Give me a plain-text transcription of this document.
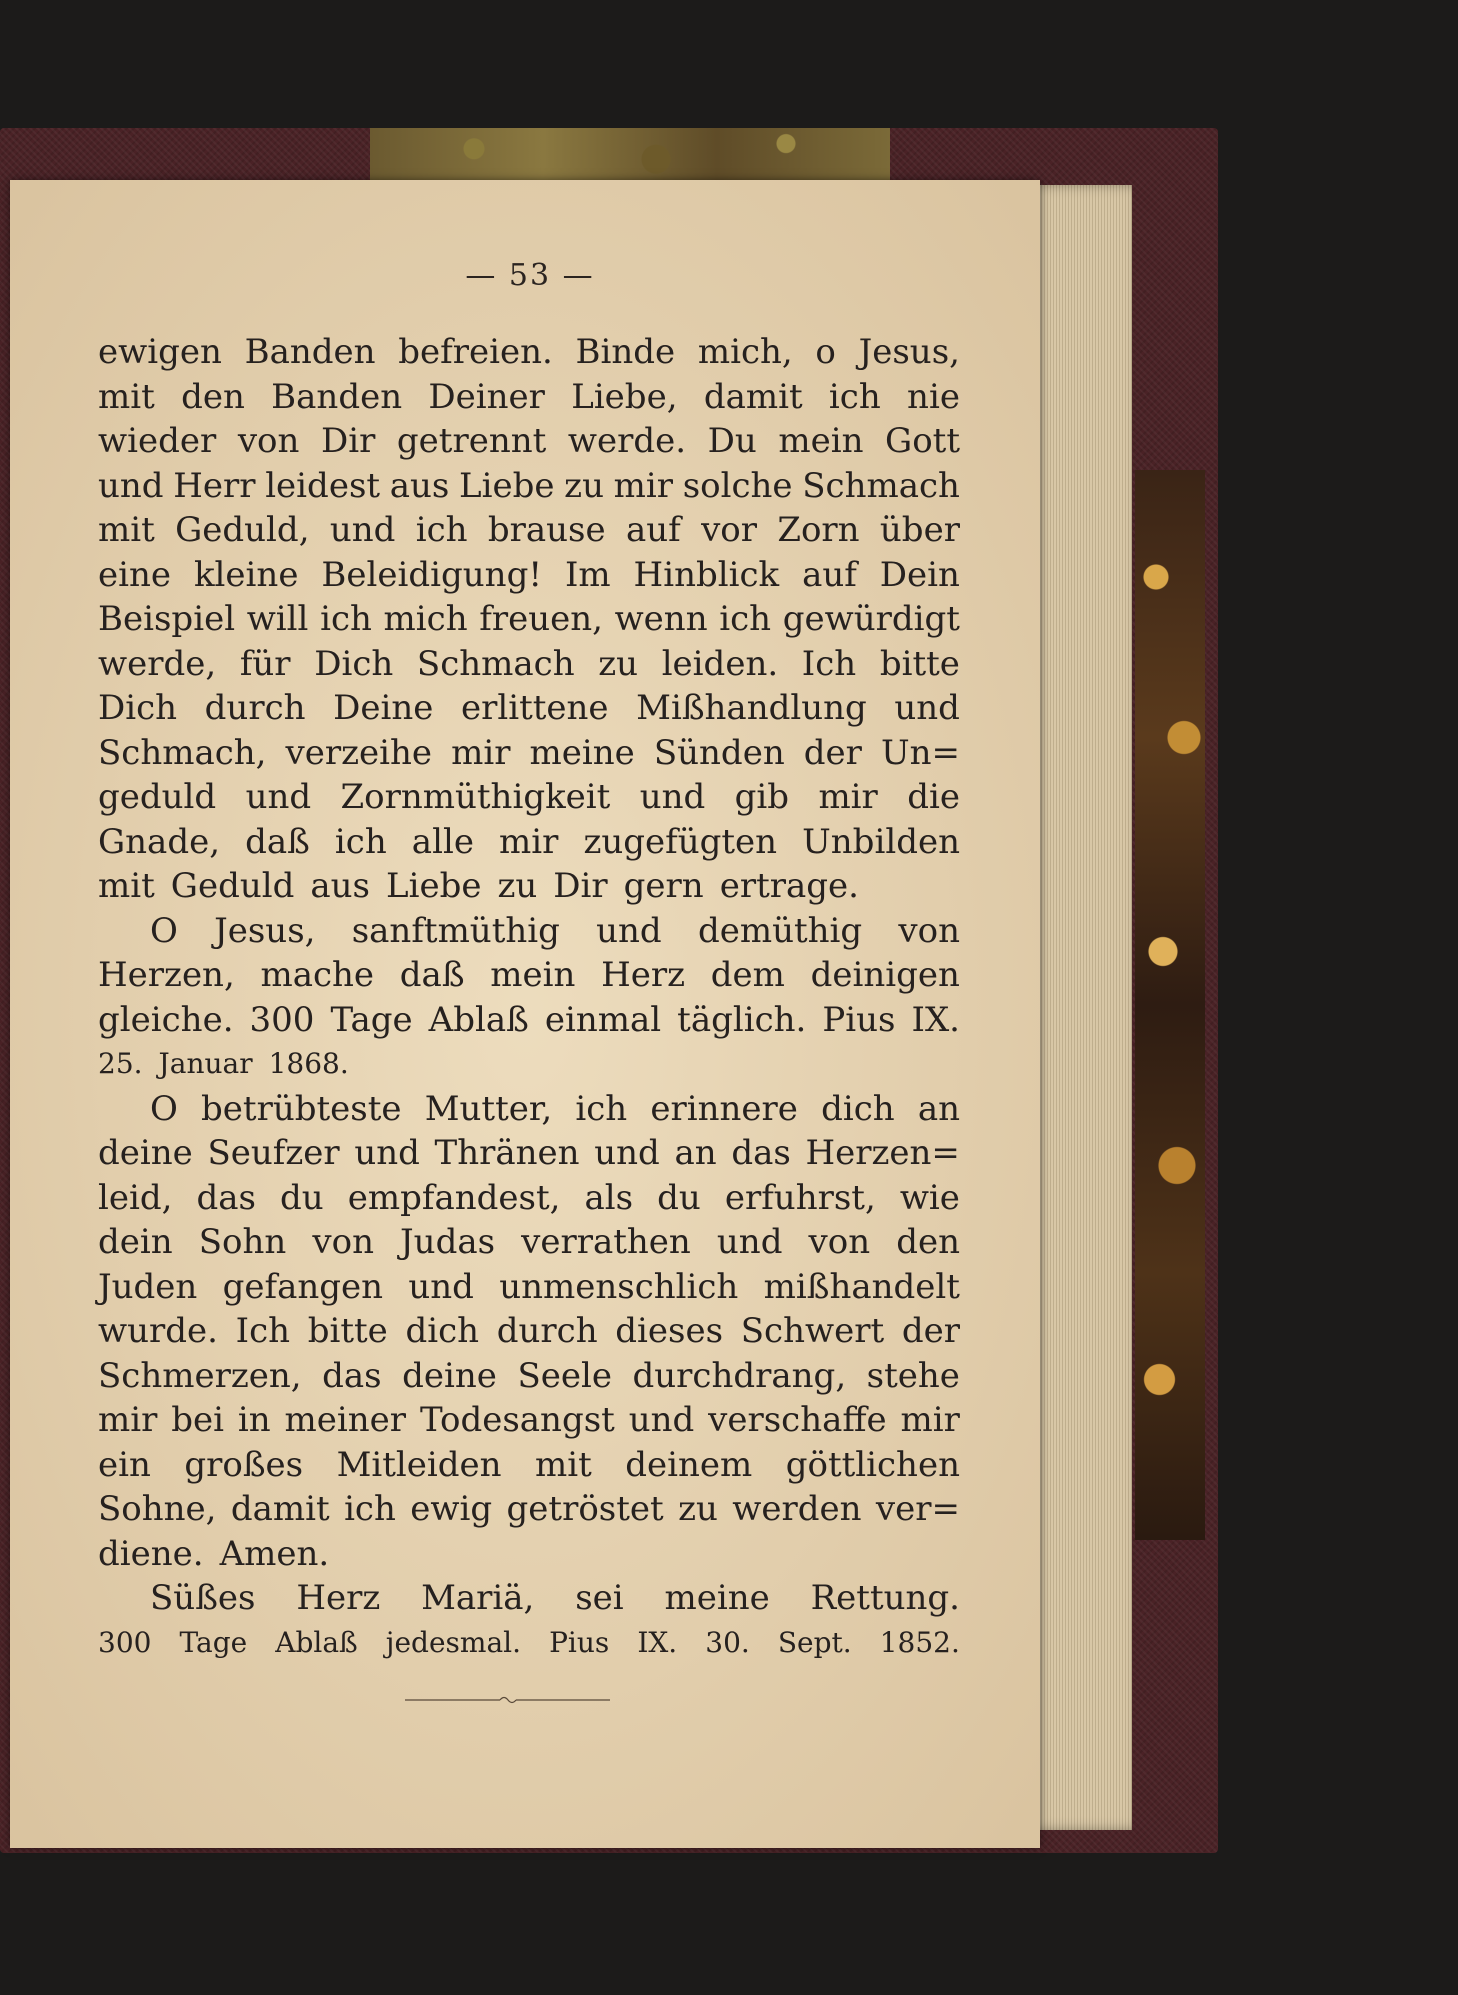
— 53 —
ewigen Banden befreien. Binde mich, o Jesus,
mit den Banden Deiner Liebe, damit ich nie
wieder von Dir getrennt werde. Du mein Gott
und Herr leidest aus Liebe zu mir solche Schmach
mit Geduld, und ich brause auf vor Zorn über
eine kleine Beleidigung! Im Hinblick auf Dein
Beispiel will ich mich freuen, wenn ich gewürdigt
werde, für Dich Schmach zu leiden. Ich bitte
Dich durch Deine erlittene Mißhandlung und
Schmach, verzeihe mir meine Sünden der Un=
geduld und Zornmüthigkeit und gib mir die
Gnade, daß ich alle mir zugefügten Unbilden
mit Geduld aus Liebe zu Dir gern ertrage.
O Jesus, sanftmüthig und demüthig von
Herzen, mache daß mein Herz dem deinigen
gleiche. 300 Tage Ablaß einmal täglich. Pius IX.
25. Januar 1868.
O betrübteste Mutter, ich erinnere dich an
deine Seufzer und Thränen und an das Herzen=
leid, das du empfandest, als du erfuhrst, wie
dein Sohn von Judas verrathen und von den
Juden gefangen und unmenschlich mißhandelt
wurde. Ich bitte dich durch dieses Schwert der
Schmerzen, das deine Seele durchdrang, stehe
mir bei in meiner Todesangst und verschaffe mir
ein großes Mitleiden mit deinem göttlichen
Sohne, damit ich ewig getröstet zu werden ver=
diene. Amen.
Süßes Herz Mariä, sei meine Rettung.
300 Tage Ablaß jedesmal. Pius IX. 30. Sept. 1852.
